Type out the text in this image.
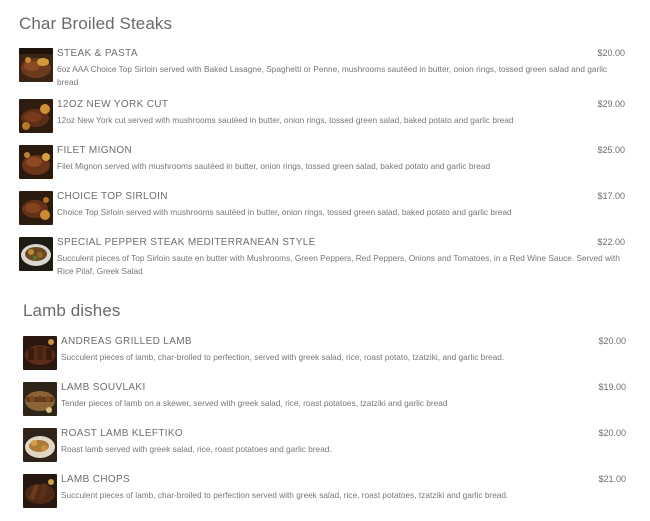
Char Broiled Steaks
STEAK & PASTA	$20.00
6oz AAA Choice Top Sirloin served with Baked Lasagne, Spaghetti or Penne, mushrooms sautéed in butter, onion rings, tossed green salad and garlic bread
12OZ NEW YORK CUT	$29.00
12oz New York cut served with mushrooms sautéed in butter, onion rings, tossed green salad, baked potato and garlic bread
FILET MIGNON	$25.00
Filet Mignon served with mushrooms sautéed in butter, onion rings, tossed green salad, baked potato and garlic bread
CHOICE TOP SIRLOIN	$17.00
Choice Top Sirloin served with mushrooms sautéed in butter, onion rings, tossed green salad, baked potato and garlic bread
SPECIAL PEPPER STEAK MEDITERRANEAN STYLE	$22.00
Succulent pieces of Top Sirloin saute en butter with Mushrooms, Green Peppers, Red Peppers, Onions and Tomatoes, in a Red Wine Sauce. Served with Rice Pilaf, Greek Salad
Lamb dishes
ANDREAS GRILLED LAMB	$20.00
Succulent pieces of lamb, char-broiled to perfection, served with greek salad, rice, roast potato, tzatziki, and garlic bread.
LAMB SOUVLAKI	$19.00
Tender pieces of lamb on a skewer, served with greek salad, rice, roast potatoes, tzatziki and garlic bread
ROAST LAMB KLEFTIKO	$20.00
Roast lamb served with greek salad, rice, roast potatoes and garlic bread.
LAMB CHOPS	$21.00
Succulent pieces of lamb, char-broiled to perfection served with greek salad, rice, roast potatoes, tzatziki and garlic bread.
